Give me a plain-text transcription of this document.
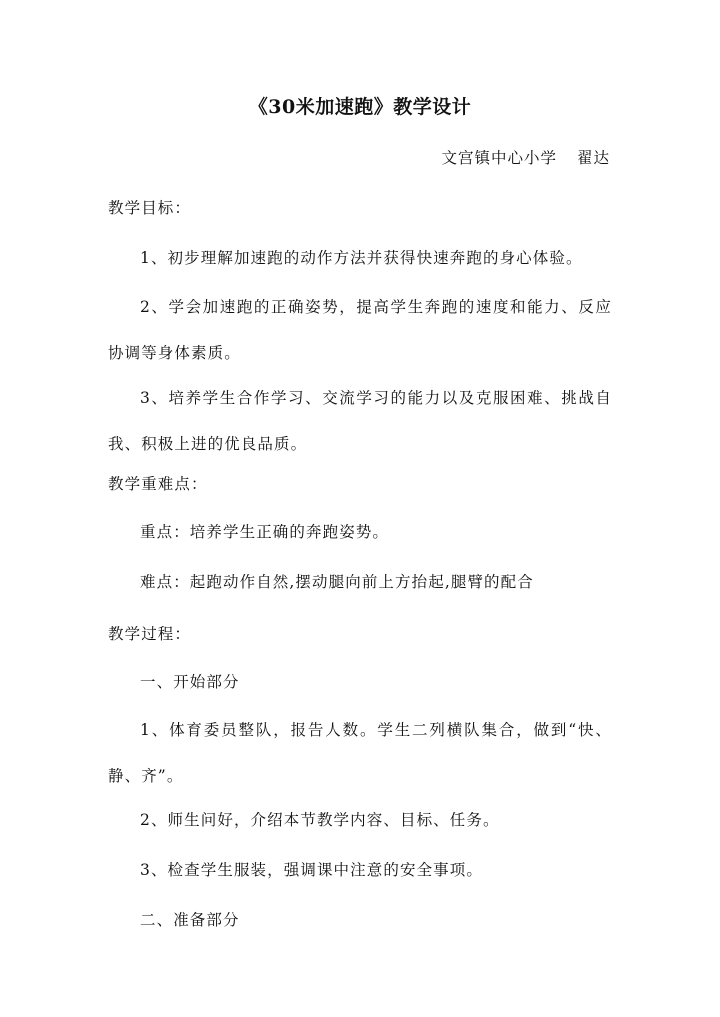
《30米加速跑》教学设计
文宫镇中心小学 翟达
教学目标：
1、初步理解加速跑的动作方法并获得快速奔跑的身心体验。
2、学会加速跑的正确姿势，提高学生奔跑的速度和能力、反应协调等身体素质。
3、培养学生合作学习、交流学习的能力以及克服困难、挑战自我、积极上进的优良品质。
教学重难点：
重点：培养学生正确的奔跑姿势。
难点：起跑动作自然,摆动腿向前上方抬起,腿臂的配合
教学过程：
一、开始部分
1、体育委员整队，报告人数。学生二列横队集合，做到“快、静、齐”。
2、师生问好，介绍本节教学内容、目标、任务。
3、检查学生服装，强调课中注意的安全事项。
二、准备部分
